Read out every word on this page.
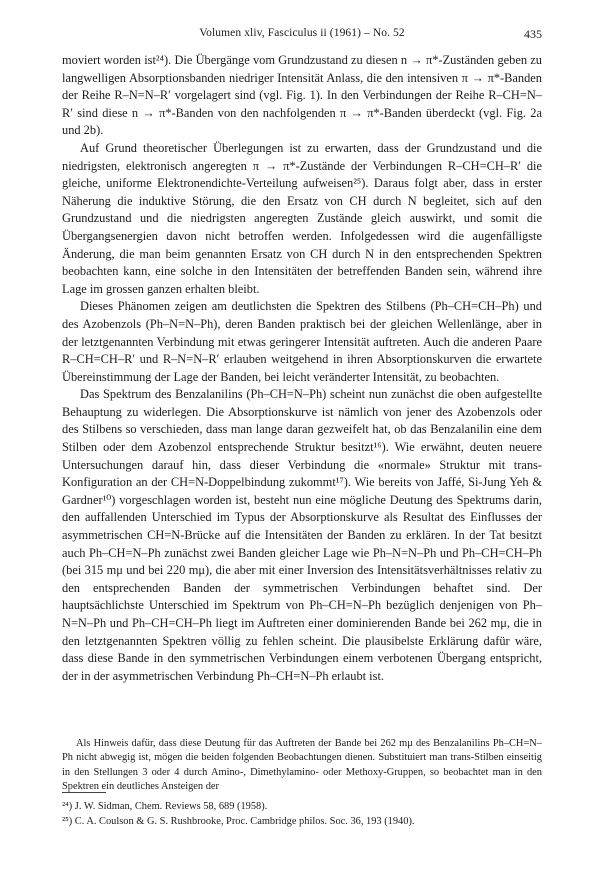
Volumen xliv, Fasciculus ii (1961) – No. 52	435

moviert worden ist²⁴). Die Übergänge vom Grundzustand zu diesen n → π*-Zuständen geben zu langwelligen Absorptionsbanden niedriger Intensität Anlass, die den intensiven π → π*-Banden der Reihe R–N=N–R′ vorgelagert sind (vgl. Fig. 1). In den Verbindungen der Reihe R–CH=N–R′ sind diese n → π*-Banden von den nachfolgenden π → π*-Banden überdeckt (vgl. Fig. 2a und 2b).

Auf Grund theoretischer Überlegungen ist zu erwarten, dass der Grundzustand und die niedrigsten, elektronisch angeregten π → π*-Zustände der Verbindungen R–CH=CH–R′ die gleiche, uniforme Elektronendichte-Verteilung aufweisen²⁵). Daraus folgt aber, dass in erster Näherung die induktive Störung, die den Ersatz von CH durch N begleitet, sich auf den Grundzustand und die niedrigsten angeregten Zustände gleich auswirkt, und somit die Übergangsenergien davon nicht betroffen werden. Infolgedessen wird die augenfälligste Änderung, die man beim genannten Ersatz von CH durch N in den entsprechenden Spektren beobachten kann, eine solche in den Intensitäten der betreffenden Banden sein, während ihre Lage im grossen ganzen erhalten bleibt.

Dieses Phänomen zeigen am deutlichsten die Spektren des Stilbens (Ph–CH=CH–Ph) und des Azobenzols (Ph–N=N–Ph), deren Banden praktisch bei der gleichen Wellenlänge, aber in der letztgenannten Verbindung mit etwas geringerer Intensität auftreten. Auch die anderen Paare R–CH=CH–R′ und R–N=N–R′ erlauben weitgehend in ihren Absorptionskurven die erwartete Übereinstimmung der Lage der Banden, bei leicht veränderter Intensität, zu beobachten.

Das Spektrum des Benzalanilins (Ph–CH=N–Ph) scheint nun zunächst die oben aufgestellte Behauptung zu widerlegen. Die Absorptionskurve ist nämlich von jener des Azobenzols oder des Stilbens so verschieden, dass man lange daran gezweifelt hat, ob das Benzalanilin eine dem Stilben oder dem Azobenzol entsprechende Struktur besitzt¹⁶). Wie erwähnt, deuten neuere Untersuchungen darauf hin, dass dieser Verbindung die «normale» Struktur mit trans-Konfiguration an der CH=N-Doppelbindung zukommt¹⁷). Wie bereits von Jaffé, Si-Jung Yeh & Gardner¹⁰) vorgeschlagen worden ist, besteht nun eine mögliche Deutung des Spektrums darin, den auffallenden Unterschied im Typus der Absorptionskurve als Resultat des Einflusses der asymmetrischen CH=N-Brücke auf die Intensitäten der Banden zu erklären. In der Tat besitzt auch Ph–CH=N–Ph zunächst zwei Banden gleicher Lage wie Ph–N=N–Ph und Ph–CH=CH–Ph (bei 315 mμ und bei 220 mμ), die aber mit einer Inversion des Intensitätsverhältnisses relativ zu den entsprechenden Banden der symmetrischen Verbindungen behaftet sind. Der hauptsächlichste Unterschied im Spektrum von Ph–CH=N–Ph bezüglich denjenigen von Ph–N=N–Ph und Ph–CH=CH–Ph liegt im Auftreten einer dominierenden Bande bei 262 mμ, die in den letztgenannten Spektren völlig zu fehlen scheint. Die plausibelste Erklärung dafür wäre, dass diese Bande in den symmetrischen Verbindungen einem verbotenen Übergang entspricht, der in der asymmetrischen Verbindung Ph–CH=N–Ph erlaubt ist.

Als Hinweis dafür, dass diese Deutung für das Auftreten der Bande bei 262 mμ des Benzalanilins Ph–CH=N–Ph nicht abwegig ist, mögen die beiden folgenden Beobachtungen dienen. Substituiert man trans-Stilben einseitig in den Stellungen 3 oder 4 durch Amino-, Dimethylamino- oder Methoxy-Gruppen, so beobachtet man in den Spektren ein deutliches Ansteigen der
²⁴) J. W. Sidman, Chem. Reviews 58, 689 (1958).
²⁵) C. A. Coulson & G. S. Rushbrooke, Proc. Cambridge philos. Soc. 36, 193 (1940).
